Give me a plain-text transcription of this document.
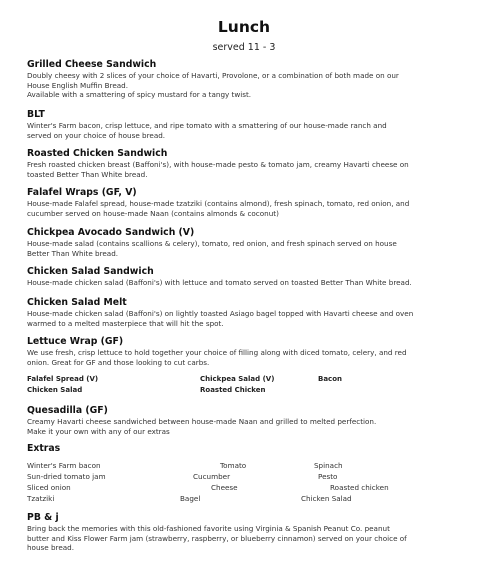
Lunch
served 11 - 3
Grilled Cheese Sandwich
Doubly cheesy with 2 slices of your choice of Havarti, Provolone, or a combination of both made on our
House English Muffin Bread.
Available with a smattering of spicy mustard for a tangy twist.
BLT
Winter's Farm bacon, crisp lettuce, and ripe tomato with a smattering of our house-made ranch and
served on your choice of house bread.
Roasted Chicken Sandwich
Fresh roasted chicken breast (Baffoni's), with house-made pesto & tomato jam, creamy Havarti cheese on
toasted Better Than White bread.
Falafel Wraps (GF, V)
House-made Falafel spread, house-made tzatziki (contains almond), fresh spinach, tomato, red onion, and
cucumber served on house-made Naan (contains almonds & coconut)
Chickpea Avocado Sandwich (V)
House-made salad (contains scallions & celery), tomato, red onion, and fresh spinach served on house
Better Than White bread.
Chicken Salad Sandwich
House-made chicken salad (Baffoni's) with lettuce and tomato served on toasted Better Than White bread.
Chicken Salad Melt
House-made chicken salad (Baffoni's) on lightly toasted Asiago bagel topped with Havarti cheese and oven
warmed to a melted masterpiece that will hit the spot.
Lettuce Wrap (GF)
We use fresh, crisp lettuce to hold together your choice of filling along with diced tomato, celery, and red
onion. Great for GF and those looking to cut carbs.
Falafel Spread (V)	Chickpea Salad (V)	Bacon
Chicken Salad	Roasted Chicken
Quesadilla (GF)
Creamy Havarti cheese sandwiched between house-made Naan and grilled to melted perfection.
Make it your own with any of our extras
Extras
Winter's Farm bacon	Tomato	Spinach
Sun-dried tomato jam	Cucumber	Pesto
Sliced onion	Cheese	Roasted chicken
Tzatziki	Bagel	Chicken Salad
PB & j
Bring back the memories with this old-fashioned favorite using Virginia & Spanish Peanut Co. peanut
butter and Kiss Flower Farm jam (strawberry, raspberry, or blueberry cinnamon) served on your choice of
house bread.
